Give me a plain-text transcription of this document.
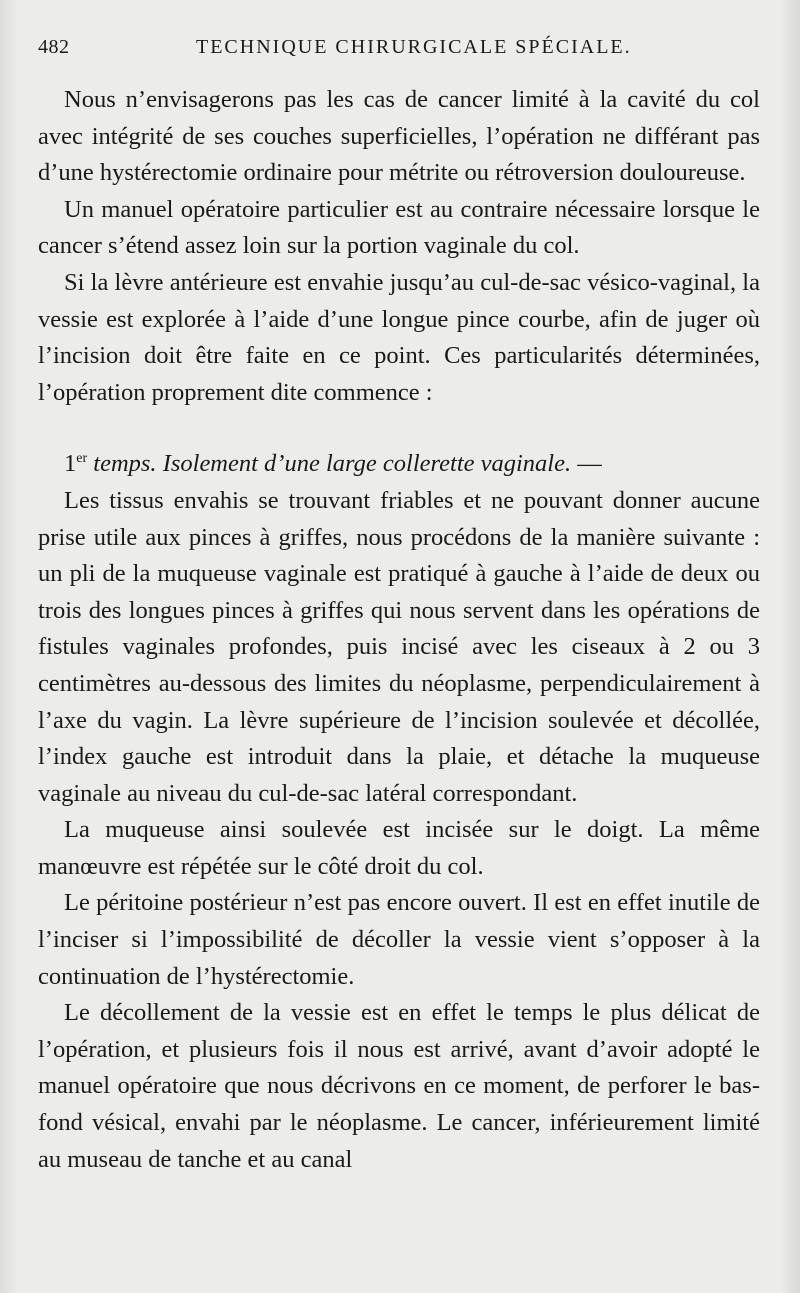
482	TECHNIQUE CHIRURGICALE SPÉCIALE.

Nous n’envisagerons pas les cas de cancer limité à la cavité du col avec intégrité de ses couches superficielles, l’opération ne différant pas d’une hystérectomie ordinaire pour métrite ou rétroversion douloureuse.

Un manuel opératoire particulier est au contraire nécessaire lorsque le cancer s’étend assez loin sur la portion vaginale du col.

Si la lèvre antérieure est envahie jusqu’au cul-de-sac vésico-vaginal, la vessie est explorée à l’aide d’une longue pince courbe, afin de juger où l’incision doit être faite en ce point. Ces particularités déterminées, l’opération proprement dite commence :

1er temps. Isolement d’une large collerette vaginale. —

Les tissus envahis se trouvant friables et ne pouvant donner aucune prise utile aux pinces à griffes, nous procédons de la manière suivante : un pli de la muqueuse vaginale est pratiqué à gauche à l’aide de deux ou trois des longues pinces à griffes qui nous servent dans les opérations de fistules vaginales profondes, puis incisé avec les ciseaux à 2 ou 3 centimètres au-dessous des limites du néoplasme, perpendiculairement à l’axe du vagin. La lèvre supérieure de l’incision soulevée et décollée, l’index gauche est introduit dans la plaie, et détache la muqueuse vaginale au niveau du cul-de-sac latéral correspondant.

La muqueuse ainsi soulevée est incisée sur le doigt. La même manœuvre est répétée sur le côté droit du col.

Le péritoine postérieur n’est pas encore ouvert. Il est en effet inutile de l’inciser si l’impossibilité de décoller la vessie vient s’opposer à la continuation de l’hystérectomie.

Le décollement de la vessie est en effet le temps le plus délicat de l’opération, et plusieurs fois il nous est arrivé, avant d’avoir adopté le manuel opératoire que nous décrivons en ce moment, de perforer le bas-fond vésical, envahi par le néoplasme. Le cancer, inférieurement limité au museau de tanche et au canal
